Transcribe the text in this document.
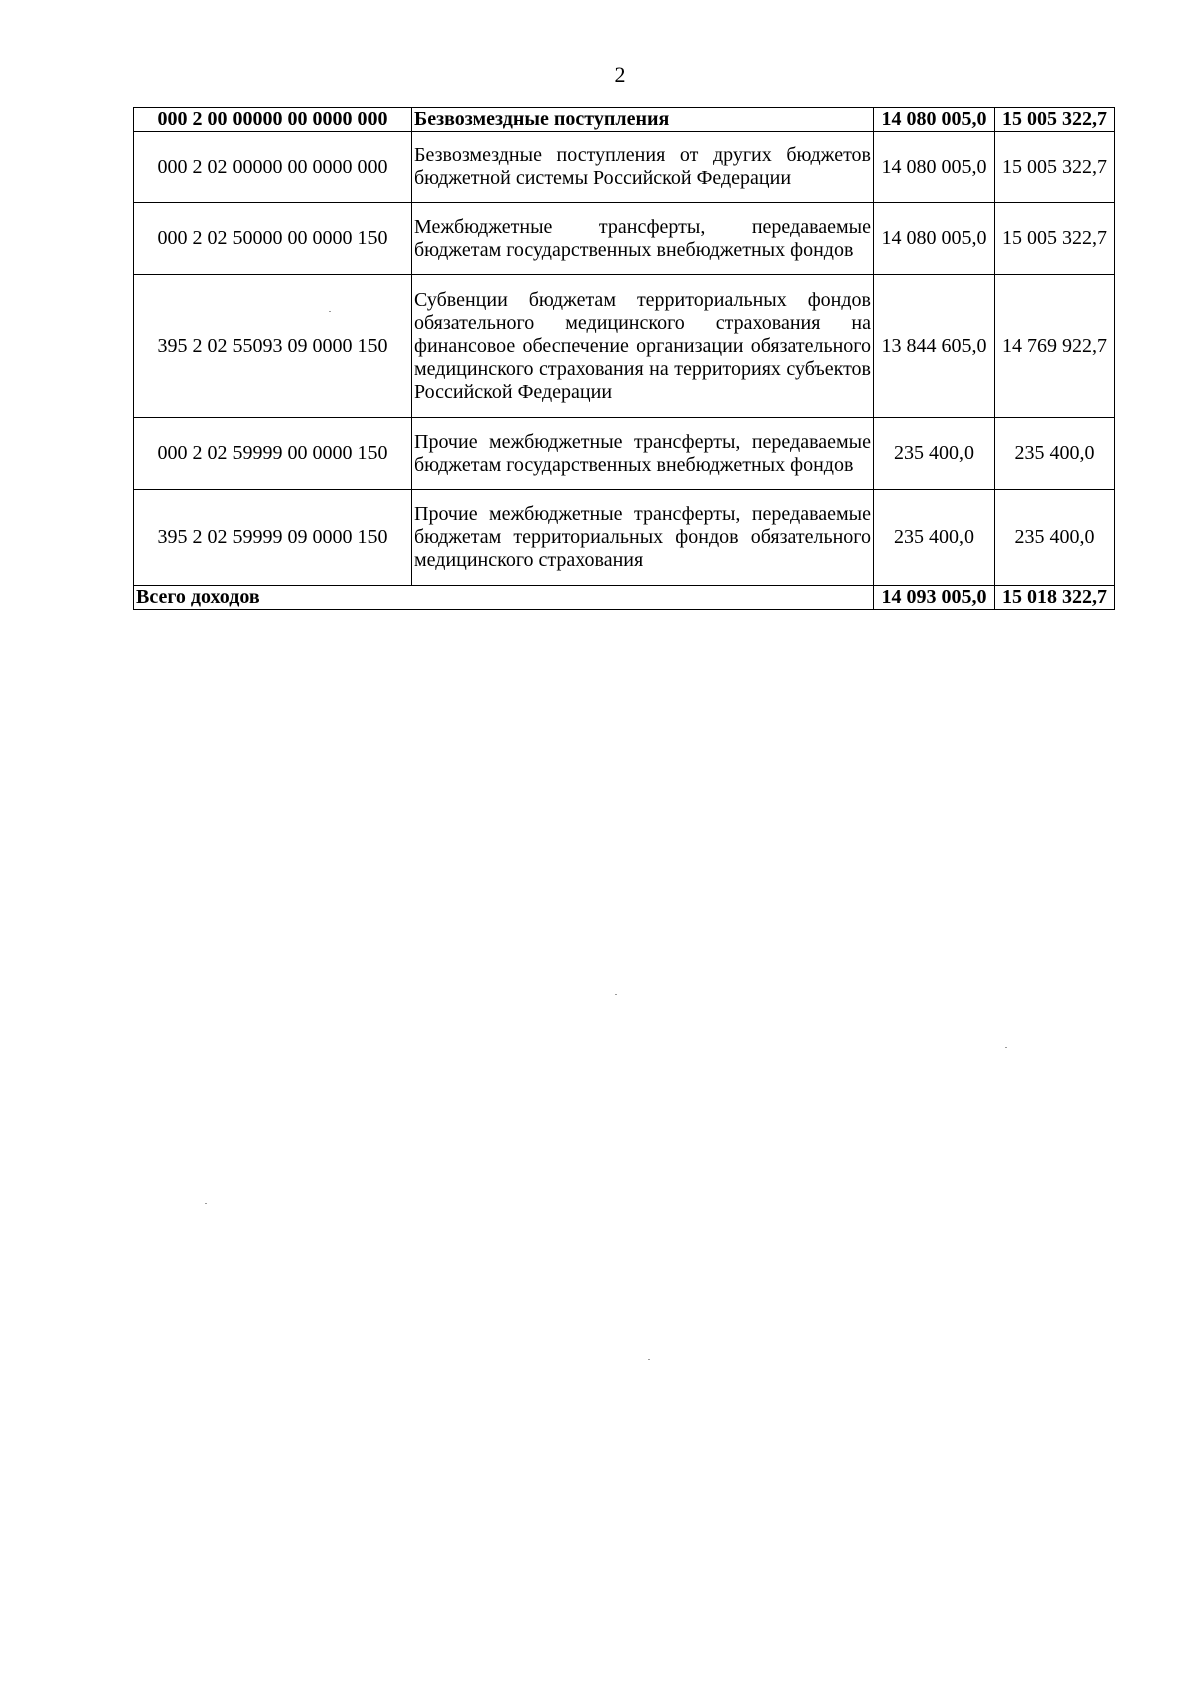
2
000 2 00 00000 00 0000 000	Безвозмездные поступления	14 080 005,0	15 005 322,7
000 2 02 00000 00 0000 000	Безвозмездные поступления от других бюджетов бюджетной системы Российской Федерации	14 080 005,0	15 005 322,7
000 2 02 50000 00 0000 150	Межбюджетные трансферты, передаваемые бюджетам государственных внебюджетных фондов	14 080 005,0	15 005 322,7
395 2 02 55093 09 0000 150	Субвенции бюджетам территориальных фондов обязательного медицинского страхования на финансовое обеспечение организации обязательного медицинского страхования на территориях субъектов Российской Федерации	13 844 605,0	14 769 922,7
000 2 02 59999 00 0000 150	Прочие межбюджетные трансферты, передаваемые бюджетам государственных внебюджетных фондов	235 400,0	235 400,0
395 2 02 59999 09 0000 150	Прочие межбюджетные трансферты, передаваемые бюджетам территориальных фондов обязательного медицинского страхования	235 400,0	235 400,0
Всего доходов		14 093 005,0	15 018 322,7
